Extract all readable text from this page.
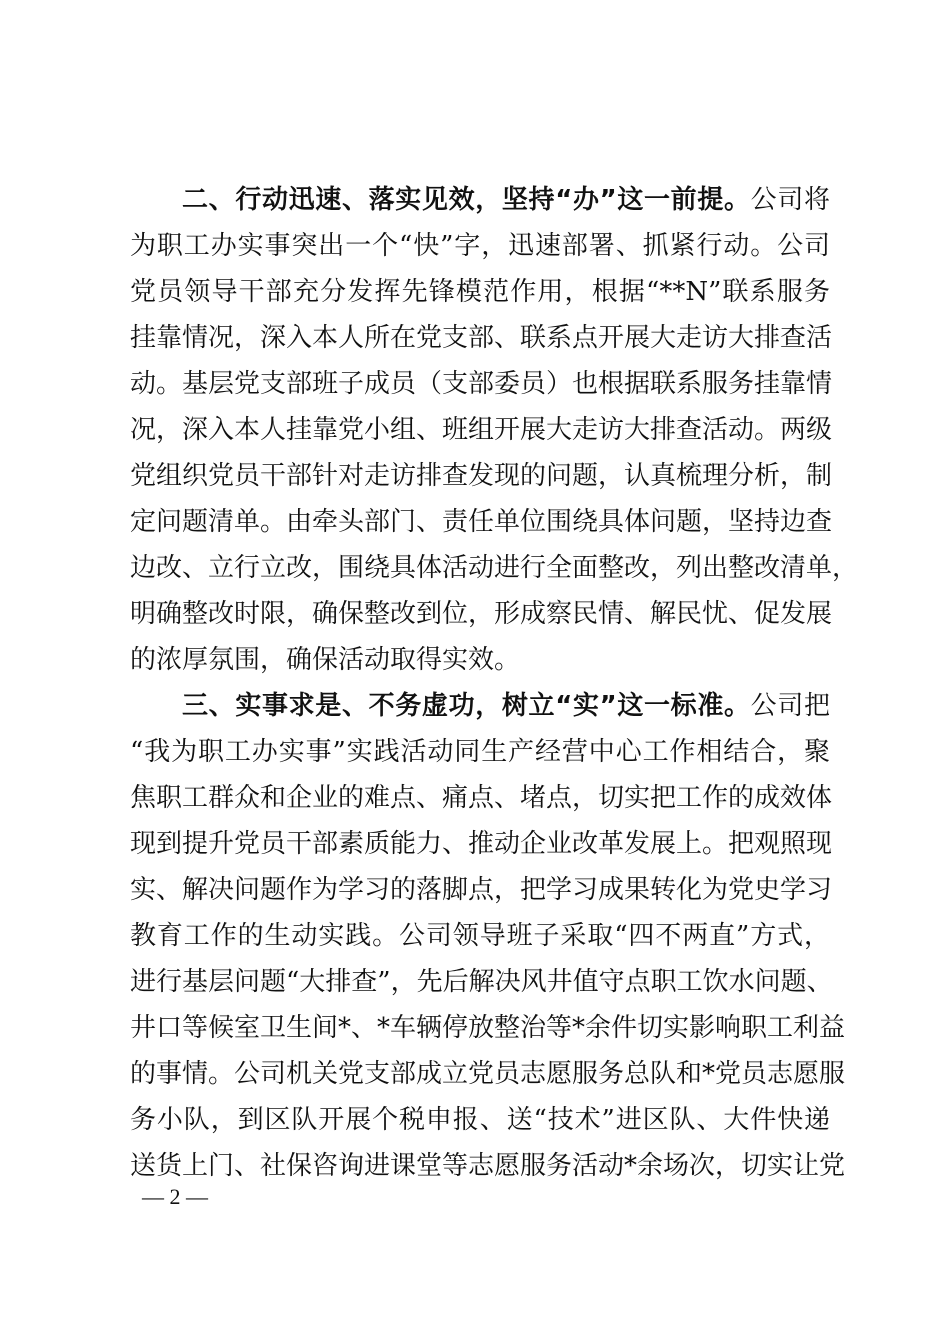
二、行动迅速、落实见效，坚持“办”这一前提。公司将
为职工办实事突出一个“快”字，迅速部署、抓紧行动。公司
党员领导干部充分发挥先锋模范作用，根据“**N”联系服务
挂靠情况，深入本人所在党支部、联系点开展大走访大排查活
动。基层党支部班子成员（支部委员）也根据联系服务挂靠情
况，深入本人挂靠党小组、班组开展大走访大排查活动。两级
党组织党员干部针对走访排查发现的问题，认真梳理分析，制
定问题清单。由牵头部门、责任单位围绕具体问题，坚持边查
边改、立行立改，围绕具体活动进行全面整改，列出整改清单，
明确整改时限，确保整改到位，形成察民情、解民忧、促发展
的浓厚氛围，确保活动取得实效。
三、实事求是、不务虚功，树立“实”这一标准。公司把
“我为职工办实事”实践活动同生产经营中心工作相结合，聚
焦职工群众和企业的难点、痛点、堵点，切实把工作的成效体
现到提升党员干部素质能力、推动企业改革发展上。把观照现
实、解决问题作为学习的落脚点，把学习成果转化为党史学习
教育工作的生动实践。公司领导班子采取“四不两直”方式，
进行基层问题“大排查”，先后解决风井值守点职工饮水问题、
井口等候室卫生间*、*车辆停放整治等*余件切实影响职工利益
的事情。公司机关党支部成立党员志愿服务总队和*党员志愿服
务小队，到区队开展个税申报、送“技术”进区队、大件快递
送货上门、社保咨询进课堂等志愿服务活动*余场次，切实让党
— 2 —
